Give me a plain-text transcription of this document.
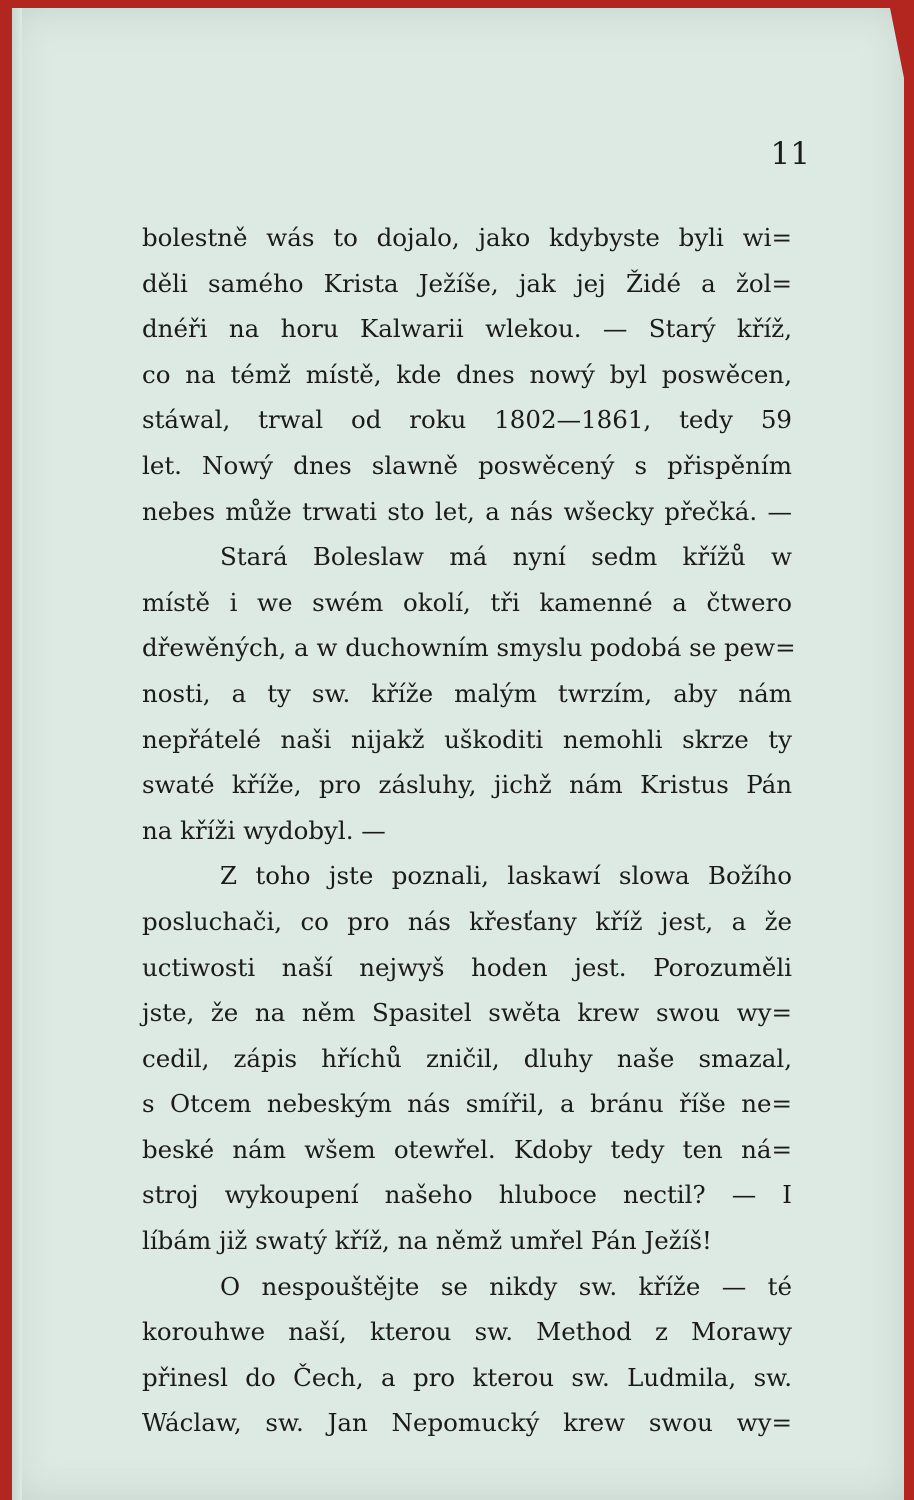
11
bolestně wás to dojalo, jako kdybyste byli wi=
děli samého Krista Ježíše, jak jej Židé a žol=
dnéři na horu Kalwarii wlekou. — Starý kříž,
co na témž místě, kde dnes nowý byl poswěcen,
stáwal, trwal od roku 1802—1861, tedy 59
let. Nowý dnes slawně poswěcený s přispěním
nebes může trwati sto let, a nás wšecky přečká. —
Stará Boleslaw má nyní sedm křížů w
místě i we swém okolí, tři kamenné a čtwero
dřewěných, a w duchowním smyslu podobá se pew=
nosti, a ty sw. kříže malým twrzím, aby nám
nepřátelé naši nijakž uškoditi nemohli skrze ty
swaté kříže, pro zásluhy, jichž nám Kristus Pán
na kříži wydobyl. —
Z toho jste poznali, laskawí slowa Božího
posluchači, co pro nás křesťany kříž jest, a že
uctiwosti naší nejwyš hoden jest. Porozuměli
jste, že na něm Spasitel swěta krew swou wy=
cedil, zápis hříchů zničil, dluhy naše smazal,
s Otcem nebeským nás smířil, a bránu říše ne=
beské nám wšem otewřel. Kdoby tedy ten ná=
stroj wykoupení našeho hluboce nectil? — I
líbám již swatý kříž, na němž umřel Pán Ježíš!
O nespouštějte se nikdy sw. kříže — té
korouhwe naší, kterou sw. Method z Morawy
přinesl do Čech, a pro kterou sw. Ludmila, sw.
Wáclaw, sw. Jan Nepomucký krew swou wy=
